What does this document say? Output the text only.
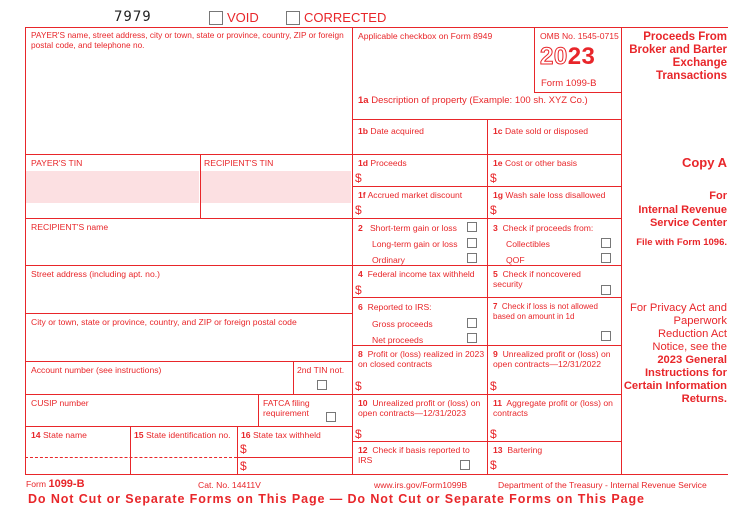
7979	VOID	CORRECTED
PAYER'S name, street address, city or town, state or province, country, ZIP or foreign postal code, and telephone no.
PAYER'S TIN	RECIPIENT'S TIN
RECIPIENT'S name
Street address (including apt. no.)
City or town, state or province, country, and ZIP or foreign postal code
Account number (see instructions)	2nd TIN not.
CUSIP number	FATCA filing requirement
14 State name	15 State identification no. 16 State tax withheld
$
$
Applicable checkbox on Form 8949	OMB No. 1545-0715
2023
Form 1099-B
1a Description of property (Example: 100 sh. XYZ Co.)
1b Date acquired	1c Date sold or disposed
1d Proceeds
$
1e Cost or other basis
$
1f Accrued market discount
$
1g Wash sale loss disallowed
$
2 Short-term gain or loss
Long-term gain or loss
Ordinary
3 Check if proceeds from:
Collectibles
QOF
4 Federal income tax withheld
$
5 Check if noncovered security
6 Reported to IRS:
Gross proceeds
Net proceeds
7 Check if loss is not allowed based on amount in 1d
8 Profit or (loss) realized in 2023 on closed contracts
$
9 Unrealized profit or (loss) on open contracts—12/31/2022
$
10 Unrealized profit or (loss) on open contracts—12/31/2023
$
11 Aggregate profit or (loss) on contracts
$
12 Check if basis reported to IRS
13 Bartering
$
Proceeds From Broker and Barter Exchange Transactions
Copy A
For
Internal Revenue Service Center
File with Form 1096.
For Privacy Act and Paperwork Reduction Act Notice, see the
2023 General Instructions for Certain Information Returns.
Form 1099-B	Cat. No. 14411V	www.irs.gov/Form1099B	Department of the Treasury - Internal Revenue Service
Do Not Cut or Separate Forms on This Page — Do Not Cut or Separate Forms on This Page
